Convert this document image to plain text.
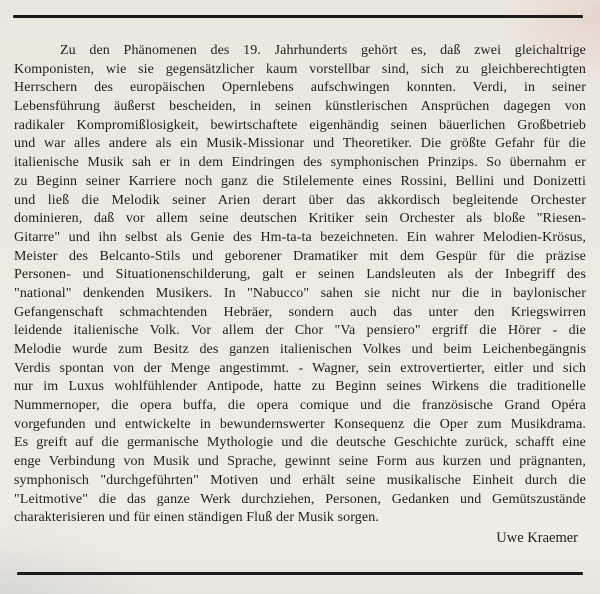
Zu den Phänomenen des 19. Jahrhunderts gehört es, daß zwei gleichaltrige
Komponisten, wie sie gegensätzlicher kaum vorstellbar sind, sich zu gleichberechtigten
Herrschern des europäischen Opernlebens aufschwingen konnten. Verdi, in seiner
Lebensführung äußerst bescheiden, in seinen künstlerischen Ansprüchen dagegen von
radikaler Kompromißlosigkeit, bewirtschaftete eigenhändig seinen bäuerlichen Großbetrieb
und war alles andere als ein Musik-Missionar und Theoretiker. Die größte Gefahr für die
italienische Musik sah er in dem Eindringen des symphonischen Prinzips. So übernahm er
zu Beginn seiner Karriere noch ganz die Stilelemente eines Rossini, Bellini und Donizetti
und ließ die Melodik seiner Arien derart über das akkordisch begleitende Orchester
dominieren, daß vor allem seine deutschen Kritiker sein Orchester als bloße "Riesen-
Gitarre" und ihn selbst als Genie des Hm-ta-ta bezeichneten. Ein wahrer Melodien-Krösus,
Meister des Belcanto-Stils und geborener Dramatiker mit dem Gespür für die präzise
Personen- und Situationenschilderung, galt er seinen Landsleuten als der Inbegriff des
"national" denkenden Musikers. In "Nabucco" sahen sie nicht nur die in baylonischer
Gefangenschaft schmachtenden Hebräer, sondern auch das unter den Kriegswirren
leidende italienische Volk. Vor allem der Chor "Va pensiero" ergriff die Hörer - die
Melodie wurde zum Besitz des ganzen italienischen Volkes und beim Leichenbegängnis
Verdis spontan von der Menge angestimmt. - Wagner, sein extrovertierter, eitler und sich
nur im Luxus wohlfühlender Antipode, hatte zu Beginn seines Wirkens die traditionelle
Nummernoper, die opera buffa, die opera comique und die französische Grand Opéra
vorgefunden und entwickelte in bewundernswerter Konsequenz die Oper zum Musikdrama.
Es greift auf die germanische Mythologie und die deutsche Geschichte zurück, schafft eine
enge Verbindung von Musik und Sprache, gewinnt seine Form aus kurzen und prägnanten,
symphonisch "durchgeführten" Motiven und erhält seine musikalische Einheit durch die
"Leitmotive" die das ganze Werk durchziehen, Personen, Gedanken und Gemütszustände
charakterisieren und für einen ständigen Fluß der Musik sorgen.
Uwe Kraemer
